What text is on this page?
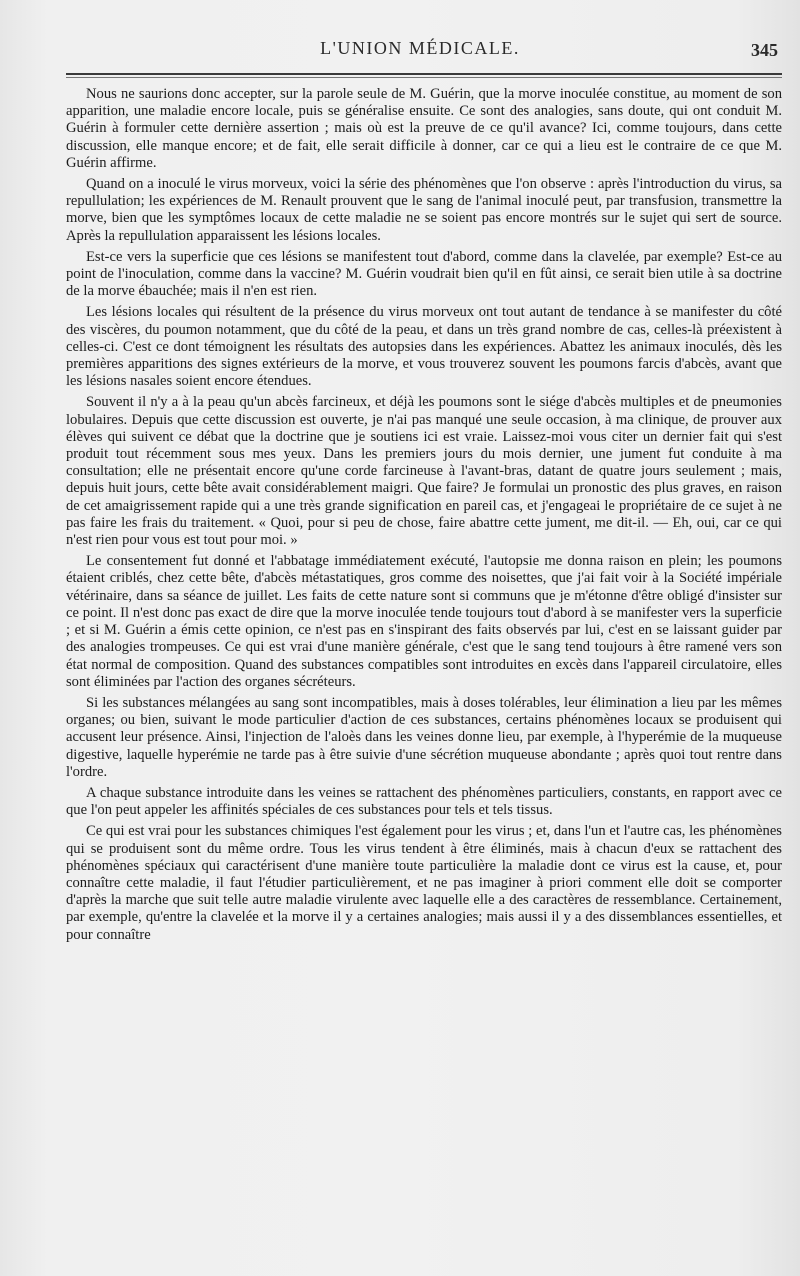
L'UNION MÉDICALE.	345

Nous ne saurions donc accepter, sur la parole seule de M. Guérin, que la morve inoculée constitue, au moment de son apparition, une maladie encore locale, puis se généralise ensuite. Ce sont des analogies, sans doute, qui ont conduit M. Guérin à formuler cette dernière assertion ; mais où est la preuve de ce qu'il avance? Ici, comme toujours, dans cette discussion, elle manque encore; et de fait, elle serait difficile à donner, car ce qui a lieu est le contraire de ce que M. Guérin affirme.

Quand on a inoculé le virus morveux, voici la série des phénomènes que l'on observe : après l'introduction du virus, sa repullulation; les expériences de M. Renault prouvent que le sang de l'animal inoculé peut, par transfusion, transmettre la morve, bien que les symptômes locaux de cette maladie ne se soient pas encore montrés sur le sujet qui sert de source. Après la repullulation apparaissent les lésions locales.

Est-ce vers la superficie que ces lésions se manifestent tout d'abord, comme dans la clavelée, par exemple? Est-ce au point de l'inoculation, comme dans la vaccine? M. Guérin voudrait bien qu'il en fût ainsi, ce serait bien utile à sa doctrine de la morve ébauchée; mais il n'en est rien.

Les lésions locales qui résultent de la présence du virus morveux ont tout autant de tendance à se manifester du côté des viscères, du poumon notamment, que du côté de la peau, et dans un très grand nombre de cas, celles-là préexistent à celles-ci. C'est ce dont témoignent les résultats des autopsies dans les expériences. Abattez les animaux inoculés, dès les premières apparitions des signes extérieurs de la morve, et vous trouverez souvent les poumons farcis d'abcès, avant que les lésions nasales soient encore étendues.

Souvent il n'y a à la peau qu'un abcès farcineux, et déjà les poumons sont le siége d'abcès multiples et de pneumonies lobulaires. Depuis que cette discussion est ouverte, je n'ai pas manqué une seule occasion, à ma clinique, de prouver aux élèves qui suivent ce débat que la doctrine que je soutiens ici est vraie. Laissez-moi vous citer un dernier fait qui s'est produit tout récemment sous mes yeux. Dans les premiers jours du mois dernier, une jument fut conduite à ma consultation; elle ne présentait encore qu'une corde farcineuse à l'avant-bras, datant de quatre jours seulement ; mais, depuis huit jours, cette bête avait considérablement maigri. Que faire? Je formulai un pronostic des plus graves, en raison de cet amaigrissement rapide qui a une très grande signification en pareil cas, et j'engageai le propriétaire de ce sujet à ne pas faire les frais du traitement. « Quoi, pour si peu de chose, faire abattre cette jument, me dit-il. — Eh, oui, car ce qui n'est rien pour vous est tout pour moi. »

Le consentement fut donné et l'abbatage immédiatement exécuté, l'autopsie me donna raison en plein; les poumons étaient criblés, chez cette bête, d'abcès métastatiques, gros comme des noisettes, que j'ai fait voir à la Société impériale vétérinaire, dans sa séance de juillet. Les faits de cette nature sont si communs que je m'étonne d'être obligé d'insister sur ce point. Il n'est donc pas exact de dire que la morve inoculée tende toujours tout d'abord à se manifester vers la superficie ; et si M. Guérin a émis cette opinion, ce n'est pas en s'inspirant des faits observés par lui, c'est en se laissant guider par des analogies trompeuses. Ce qui est vrai d'une manière générale, c'est que le sang tend toujours à être ramené vers son état normal de composition. Quand des substances compatibles sont introduites en excès dans l'appareil circulatoire, elles sont éliminées par l'action des organes sécréteurs.

Si les substances mélangées au sang sont incompatibles, mais à doses tolérables, leur élimination a lieu par les mêmes organes; ou bien, suivant le mode particulier d'action de ces substances, certains phénomènes locaux se produisent qui accusent leur présence. Ainsi, l'injection de l'aloès dans les veines donne lieu, par exemple, à l'hyperémie de la muqueuse digestive, laquelle hyperémie ne tarde pas à être suivie d'une sécrétion muqueuse abondante ; après quoi tout rentre dans l'ordre.

A chaque substance introduite dans les veines se rattachent des phénomènes particuliers, constants, en rapport avec ce que l'on peut appeler les affinités spéciales de ces substances pour tels et tels tissus.

Ce qui est vrai pour les substances chimiques l'est également pour les virus ; et, dans l'un et l'autre cas, les phénomènes qui se produisent sont du même ordre. Tous les virus tendent à être éliminés, mais à chacun d'eux se rattachent des phénomènes spéciaux qui caractérisent d'une manière toute particulière la maladie dont ce virus est la cause, et, pour connaître cette maladie, il faut l'étudier particulièrement, et ne pas imaginer à priori comment elle doit se comporter d'après la marche que suit telle autre maladie virulente avec laquelle elle a des caractères de ressemblance. Certainement, par exemple, qu'entre la clavelée et la morve il y a certaines analogies; mais aussi il y a des dissemblances essentielles, et pour connaître
